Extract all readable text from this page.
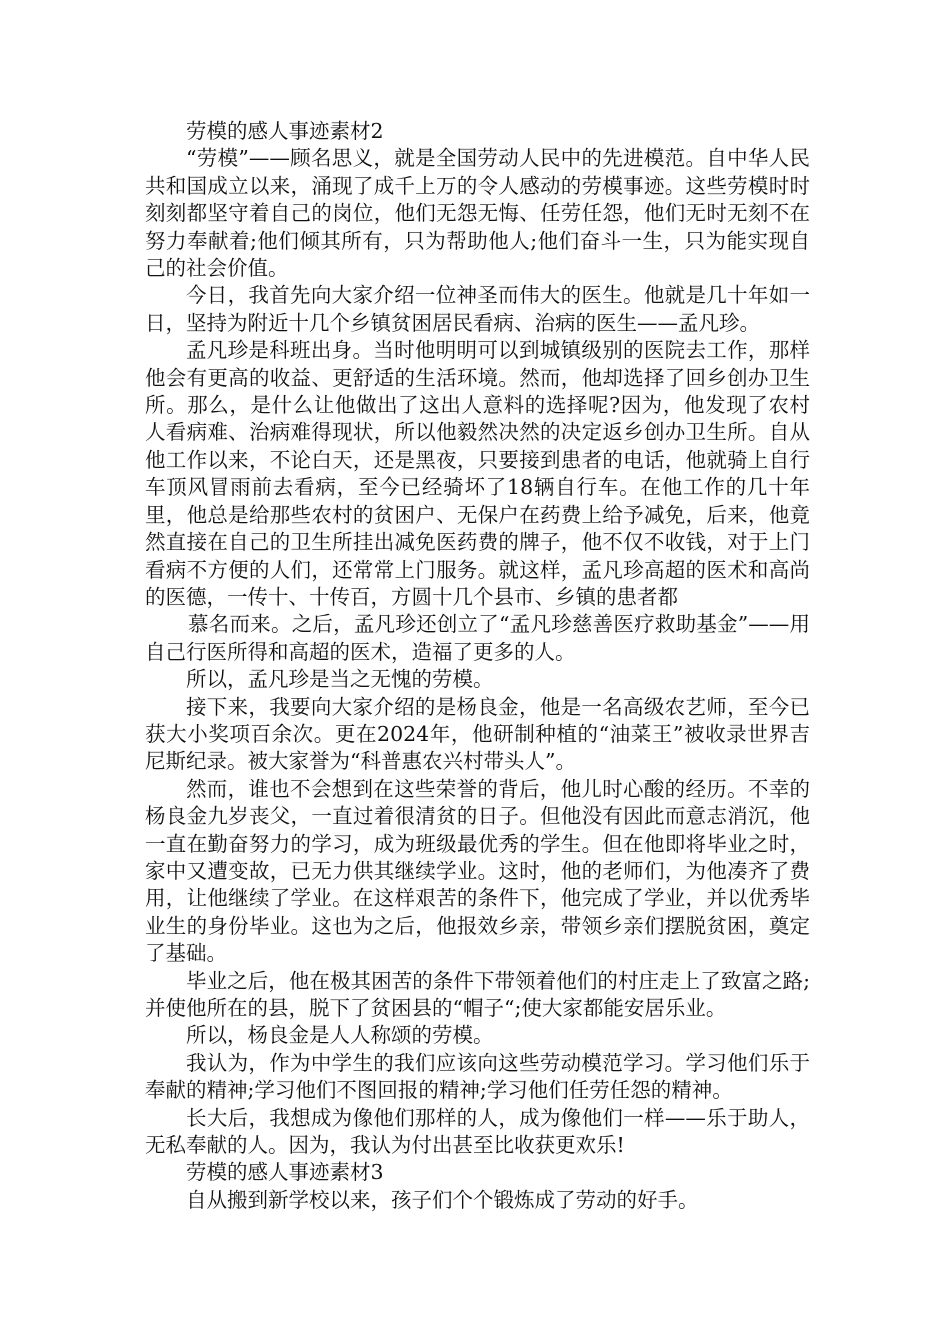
劳模的感人事迹素材2

“劳模”——顾名思义，就是全国劳动人民中的先进模范。自中华人民共和国成立以来，涌现了成千上万的令人感动的劳模事迹。这些劳模时时刻刻都坚守着自己的岗位，他们无怨无悔、任劳任怨，他们无时无刻不在努力奉献着;他们倾其所有，只为帮助他人;他们奋斗一生，只为能实现自己的社会价值。

今日，我首先向大家介绍一位神圣而伟大的医生。他就是几十年如一日，坚持为附近十几个乡镇贫困居民看病、治病的医生——孟凡珍。

孟凡珍是科班出身。当时他明明可以到城镇级别的医院去工作，那样他会有更高的收益、更舒适的生活环境。然而，他却选择了回乡创办卫生所。那么，是什么让他做出了这出人意料的选择呢?因为，他发现了农村人看病难、治病难得现状，所以他毅然决然的决定返乡创办卫生所。自从他工作以来，不论白天，还是黑夜，只要接到患者的电话，他就骑上自行车顶风冒雨前去看病，至今已经骑坏了18辆自行车。在他工作的几十年里，他总是给那些农村的贫困户、无保户在药费上给予减免，后来，他竟然直接在自己的卫生所挂出减免医药费的牌子，他不仅不收钱，对于上门看病不方便的人们，还常常上门服务。就这样，孟凡珍高超的医术和高尚的医德，一传十、十传百，方圆十几个县市、乡镇的患者都

慕名而来。之后，孟凡珍还创立了“孟凡珍慈善医疗救助基金”——用自己行医所得和高超的医术，造福了更多的人。

所以，孟凡珍是当之无愧的劳模。

接下来，我要向大家介绍的是杨良金，他是一名高级农艺师，至今已获大小奖项百余次。更在2024年，他研制种植的“油菜王”被收录世界吉尼斯纪录。被大家誉为“科普惠农兴村带头人”。

然而，谁也不会想到在这些荣誉的背后，他儿时心酸的经历。不幸的杨良金九岁丧父，一直过着很清贫的日子。但他没有因此而意志消沉，他一直在勤奋努力的学习，成为班级最优秀的学生。但在他即将毕业之时，家中又遭变故，已无力供其继续学业。这时，他的老师们，为他凑齐了费用，让他继续了学业。在这样艰苦的条件下，他完成了学业，并以优秀毕业生的身份毕业。这也为之后，他报效乡亲，带领乡亲们摆脱贫困，奠定了基础。

毕业之后，他在极其困苦的条件下带领着他们的村庄走上了致富之路;并使他所在的县，脱下了贫困县的“帽子“;使大家都能安居乐业。

所以，杨良金是人人称颂的劳模。

我认为，作为中学生的我们应该向这些劳动模范学习。学习他们乐于奉献的精神;学习他们不图回报的精神;学习他们任劳任怨的精神。

长大后，我想成为像他们那样的人，成为像他们一样——乐于助人，无私奉献的人。因为，我认为付出甚至比收获更欢乐!

劳模的感人事迹素材3

自从搬到新学校以来，孩子们个个锻炼成了劳动的好手。
